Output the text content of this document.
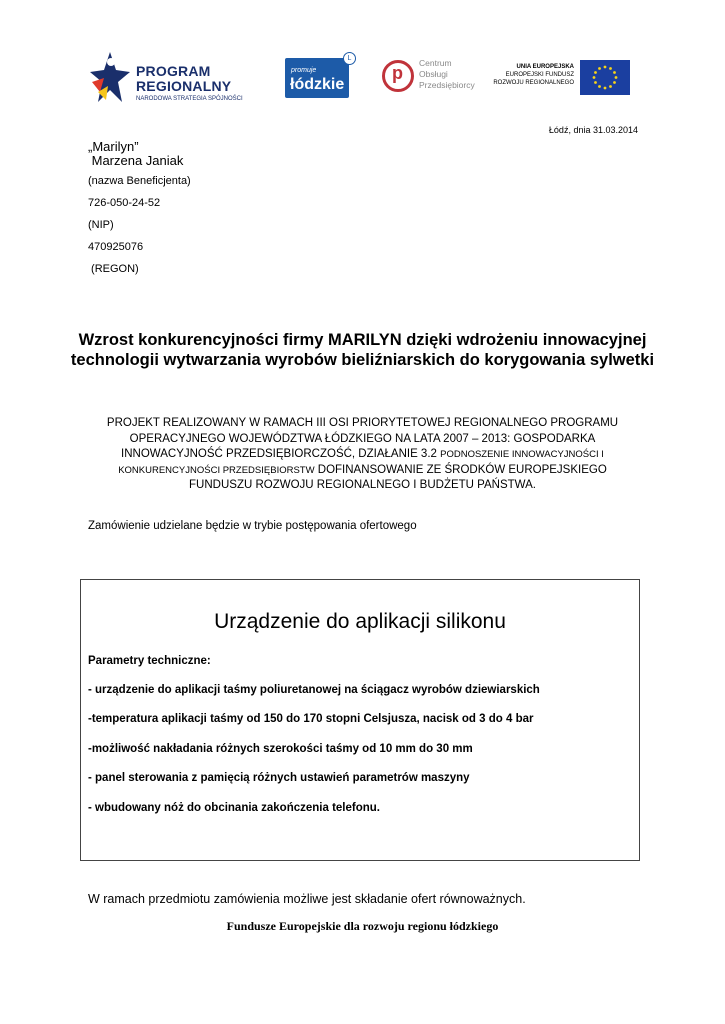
PROGRAM
REGIONALNY
NARODOWA STRATEGIA SPÓJNOŚCI
promuje
łódzkie
L
p Centrum
Obsługi
Przedsiębiorcy
UNIA EUROPEJSKA
EUROPEJSKI FUNDUSZ
ROZWOJU REGIONALNEGO
Łódź, dnia 31.03.2014
„Marilyn”
Marzena Janiak
(nazwa Beneficjenta)
726-050-24-52
(NIP)
470925076
(REGON)
Wzrost konkurencyjności firmy MARILYN dzięki wdrożeniu innowacyjnej technologii wytwarzania wyrobów bieliźniarskich do korygowania sylwetki
PROJEKT REALIZOWANY W RAMACH III OSI PRIORYTETOWEJ REGIONALNEGO PROGRAMU
OPERACYJNEGO WOJEWÓDZTWA ŁÓDZKIEGO NA LATA 2007 – 2013: GOSPODARKA
INNOWACYJNOŚĆ PRZEDSIĘBIORCZOŚĆ, DZIAŁANIE 3.2 PODNOSZENIE INNOWACYJNOŚCI I
KONKURENCYJNOŚCI PRZEDSIĘBIORSTW DOFINANSOWANIE ZE ŚRODKÓW EUROPEJSKIEGO
FUNDUSZU ROZWOJU REGIONALNEGO I BUDŻETU PAŃSTWA.
Zamówienie udzielane będzie w trybie postępowania ofertowego
Urządzenie do aplikacji silikonu
Parametry techniczne:
- urządzenie do aplikacji taśmy poliuretanowej na ściągacz wyrobów dziewiarskich
-temperatura aplikacji taśmy od 150 do 170 stopni Celsjusza, nacisk od 3 do 4 bar
-możliwość nakładania różnych szerokości taśmy od 10 mm do 30 mm
- panel sterowania z pamięcią różnych ustawień parametrów maszyny
- wbudowany nóż do obcinania zakończenia telefonu.
W ramach przedmiotu zamówienia możliwe jest składanie ofert równoważnych.
Fundusze Europejskie dla rozwoju regionu łódzkiego
